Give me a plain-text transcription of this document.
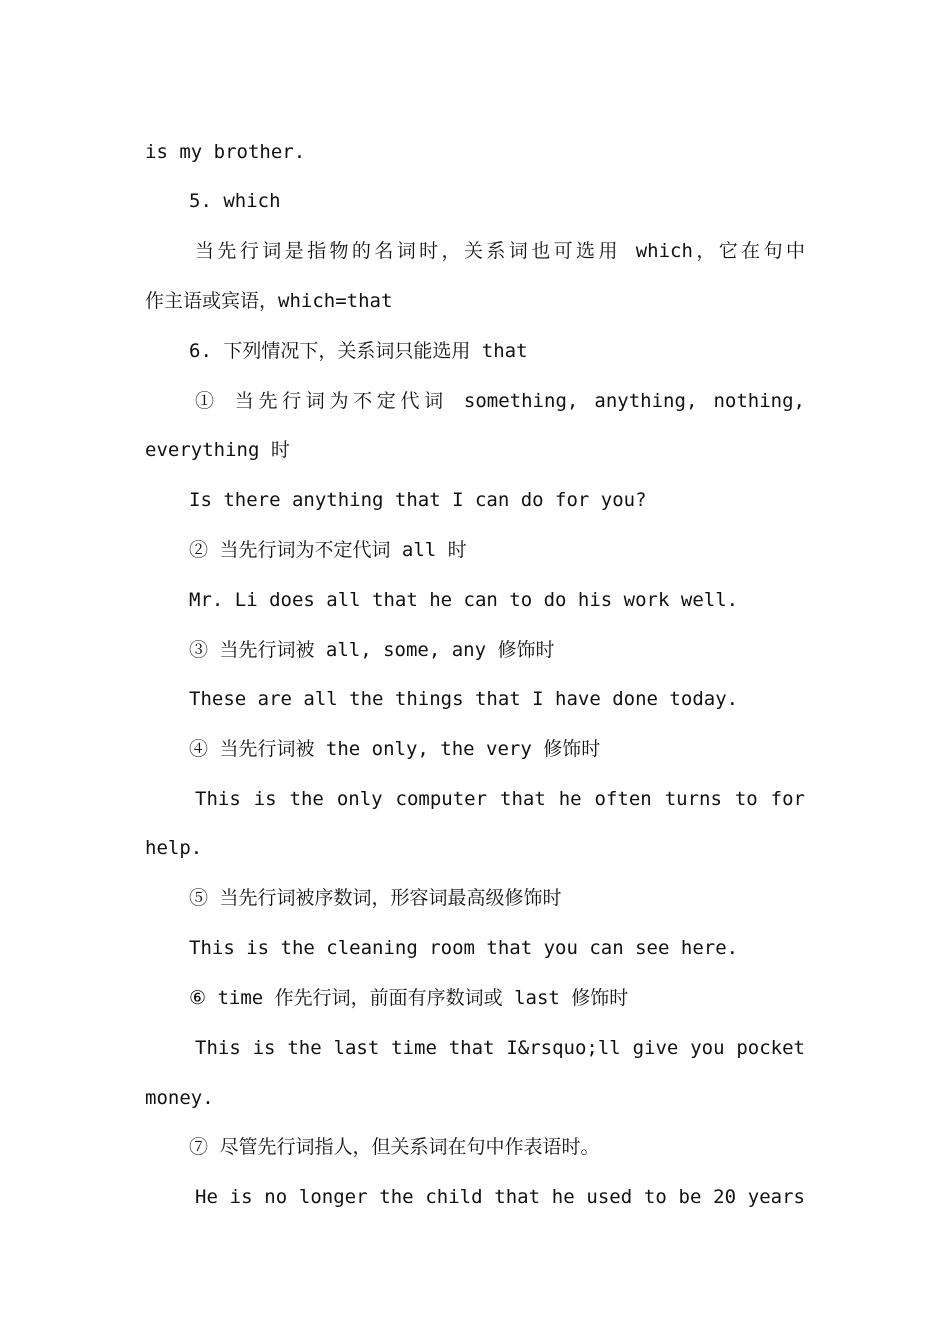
is my brother.
5. which
当先行词是指物的名词时，关系词也可选用 which，它在句中
作主语或宾语，which=that
6. 下列情况下，关系词只能选用 that
① 当先行词为不定代词 something, anything, nothing,
everything 时
Is there anything that I can do for you?
② 当先行词为不定代词 all 时
Mr. Li does all that he can to do his work well.
③ 当先行词被 all, some, any 修饰时
These are all the things that I have done today.
④ 当先行词被 the only, the very 修饰时
This is the only computer that he often turns to for
help.
⑤ 当先行词被序数词，形容词最高级修饰时
This is the cleaning room that you can see here.
⑥ time 作先行词，前面有序数词或 last 修饰时
This is the last time that I&rsquo;ll give you pocket
money.
⑦ 尽管先行词指人，但关系词在句中作表语时。
He is no longer the child that he used to be 20 years
